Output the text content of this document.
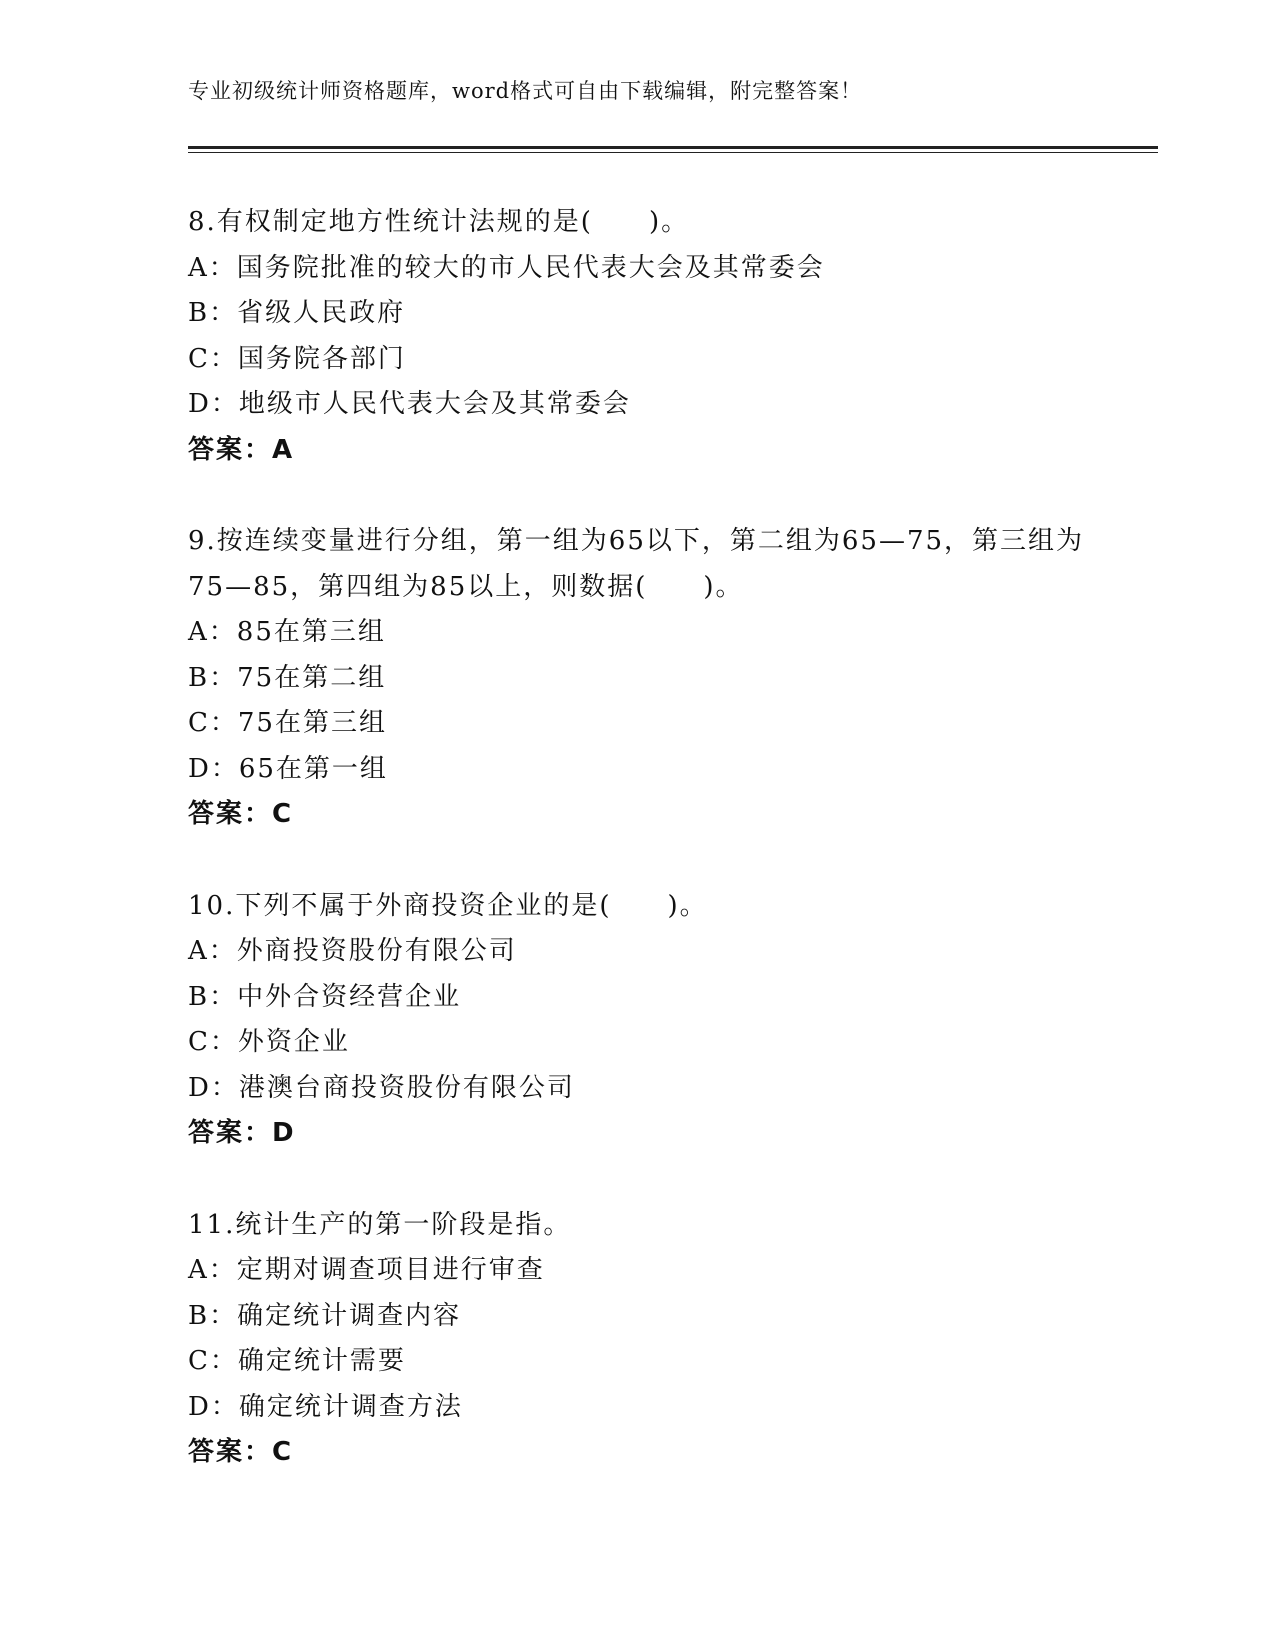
专业初级统计师资格题库，word格式可自由下载编辑，附完整答案！

8.有权制定地方性统计法规的是(　　)。

A：国务院批准的较大的市人民代表大会及其常委会

B：省级人民政府

C：国务院各部门

D：地级市人民代表大会及其常委会

答案：A

9.按连续变量进行分组，第一组为65以下，第二组为65—75，第三组为75—85，第四组为85以上，则数据(　　)。

A：85在第三组

B：75在第二组

C：75在第三组

D：65在第一组

答案：C

10.下列不属于外商投资企业的是(　　)。

A：外商投资股份有限公司

B：中外合资经营企业

C：外资企业

D：港澳台商投资股份有限公司

答案：D

11.统计生产的第一阶段是指。

A：定期对调查项目进行审查

B：确定统计调查内容

C：确定统计需要

D：确定统计调查方法

答案：C
